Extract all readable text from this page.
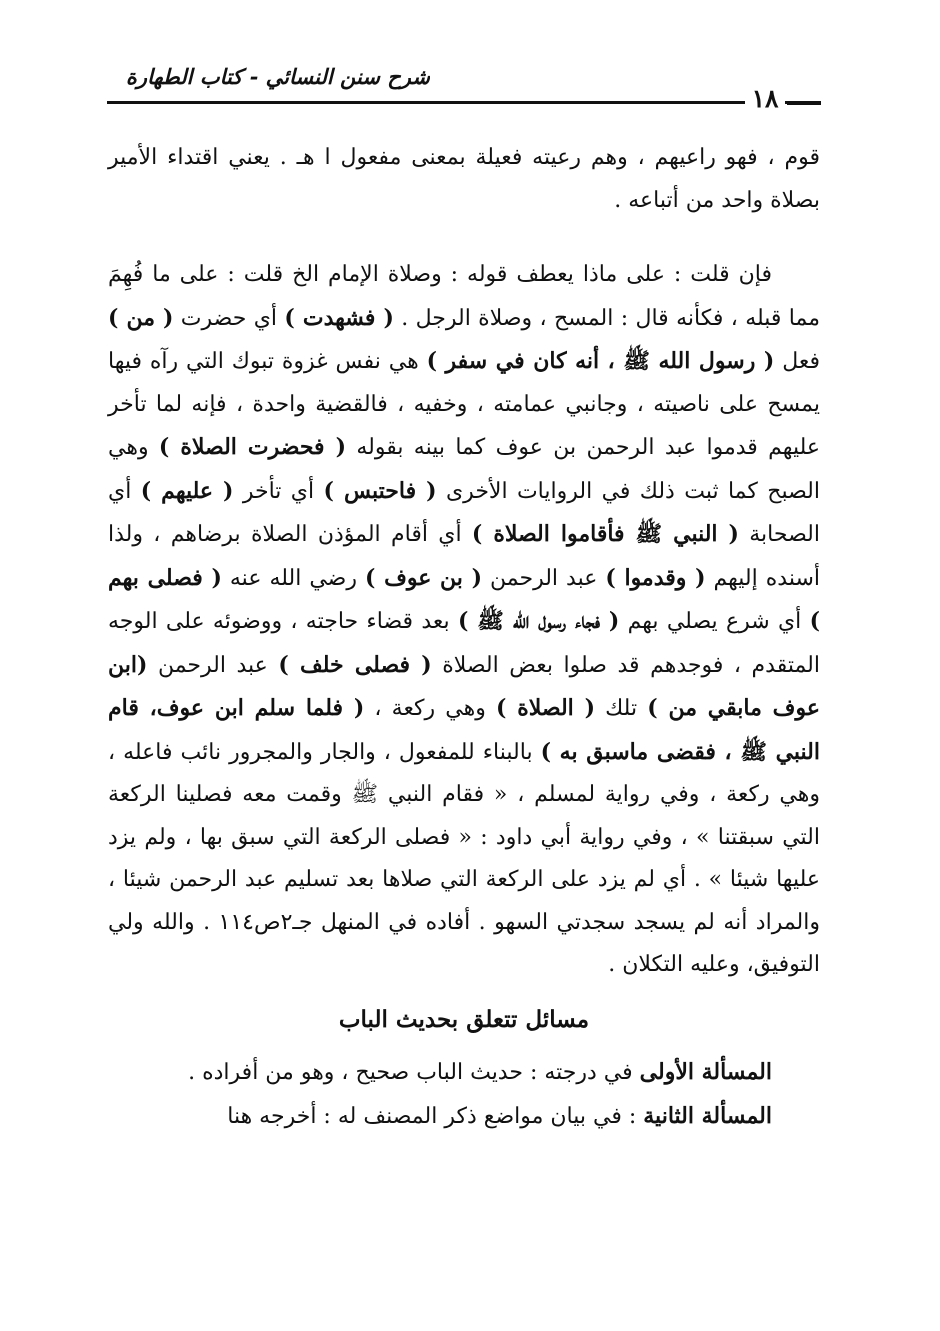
شرح سنن النسائي - كتاب الطهارة
١٨

قوم ، فهو راعيهم ، وهم رعيته فعيلة بمعنى مفعول ا هـ . يعني اقتداء الأمير بصلاة واحد من أتباعه .

فإن قلت : على ماذا يعطف قوله : وصلاة الإمام الخ قلت : على ما فُهِمَ مما قبله ، فكأنه قال : المسح ، وصلاة الرجل . ( فشهدت ) أي حضرت ( من ) فعل ( رسول الله ﷺ ، أنه كان في سفر ) هي نفس غزوة تبوك التي رآه فيها يمسح على ناصيته ، وجانبي عمامته ، وخفيه ، فالقضية واحدة ، فإنه لما تأخر عليهم قدموا عبد الرحمن بن عوف كما بينه بقوله ( فحضرت الصلاة ) وهي الصبح كما ثبت ذلك في الروايات الأخرى ( فاحتبس ) أي تأخر ( عليهم ) أي الصحابة ( النبي ﷺ فأقاموا الصلاة ) أي أقام المؤذن الصلاة برضاهم ، ولذا أسنده إليهم ( وقدموا ) عبد الرحمن ( بن عوف ) رضي الله عنه ( فصلى بهم ) أي شرع يصلي بهم ( فجاء رسول الله ﷺ ) بعد قضاء حاجته ، ووضوئه على الوجه المتقدم ، فوجدهم قد صلوا بعض الصلاة ( فصلى خلف ) عبد الرحمن (ابن عوف مابقي من ) تلك ( الصلاة ) وهي ركعة ، ( فلما سلم ابن عوف، قام النبي ﷺ ، فقضى ماسبق به ) بالبناء للمفعول ، والجار والمجرور نائب فاعله ، وهي ركعة ، وفي رواية لمسلم ، « فقام النبي ﷺ وقمت معه فصلينا الركعة التي سبقتنا » ، وفي رواية أبي داود : « فصلى الركعة التي سبق بها ، ولم يزد عليها شيئا » . أي لم يزد على الركعة التي صلاها بعد تسليم عبد الرحمن شيئا ، والمراد أنه لم يسجد سجدتي السهو . أفاده في المنهل جـ٢ص١١٤ . والله ولي التوفيق، وعليه التكلان .

مسائل تتعلق بحديث الباب

المسألة الأولى في درجته : حديث الباب صحيح ، وهو من أفراده .

المسألة الثانية : في بيان مواضع ذكر المصنف له : أخرجه هنا
